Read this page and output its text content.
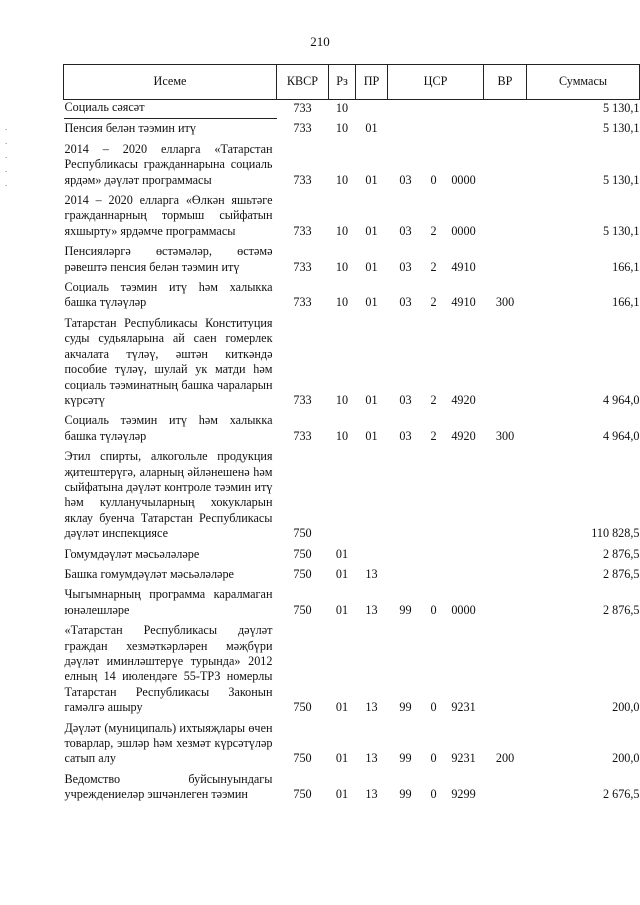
210
. . . . .
Исеме	КВСР	Рз	ПР	ЦСР			ВР	Суммасы
Социаль сәясәт	733	10						5 130,1
Пенсия белән тәэмин итү	733	10	01					5 130,1
2014 – 2020 елларга «Татарстан Республикасы гражданнарына социаль ярдәм» дәүләт программасы	733	10	01	03	0	0000		5 130,1
2014 – 2020 елларга «Өлкән яшьтәге гражданнарның тормыш сыйфатын яхшырту» ярдәмче программасы	733	10	01	03	2	0000		5 130,1
Пенсияләргә өстәмәләр, өстәмә рәвештә пенсия белән тәэмин итү	733	10	01	03	2	4910		166,1
Социаль тәэмин итү һәм халыкка башка түләүләр	733	10	01	03	2	4910	300	166,1
Татарстан Республикасы Конституция суды судьяларына ай саен гомерлек акчалата түләү, әштән киткәндә пособие түләү, шулай ук матди һәм социаль тәэминатның башка чараларын күрсәтү	733	10	01	03	2	4920		4 964,0
Социаль тәэмин итү һәм халыкка башка түләүләр	733	10	01	03	2	4920	300	4 964,0
Этил спирты, алкогольле продукция җитештерүгә, аларның әйләнешенә һәм сыйфатына дәүләт контроле тәэмин итү һәм кулланучыларның хокукларын яклау буенча Татарстан Республикасы дәүләт инспекциясе	750							110 828,5
Гомумдәүләт мәсьәләләре	750	01						2 876,5
Башка гомумдәүләт мәсьәләләре	750	01	13					2 876,5
Чыгымнарның программа каралмаган юнәлешләре	750	01	13	99	0	0000		2 876,5
«Татарстан Республикасы дәүләт граждан хезмәткәрләрен мәҗбүри дәүләт иминләштерүе турында» 2012 елның 14 июлендәге 55-ТРЗ номерлы Татарстан Республикасы Законын гамәлгә ашыру	750	01	13	99	0	9231		200,0
Дәүләт (муниципаль) ихтыяҗлары өчен товарлар, эшләр һәм хезмәт күрсәтүләр сатып алу	750	01	13	99	0	9231	200	200,0
Ведомство буйсынуындагы учреждениеләр эшчәнлеген тәэмин	750	01	13	99	0	9299		2 676,5
